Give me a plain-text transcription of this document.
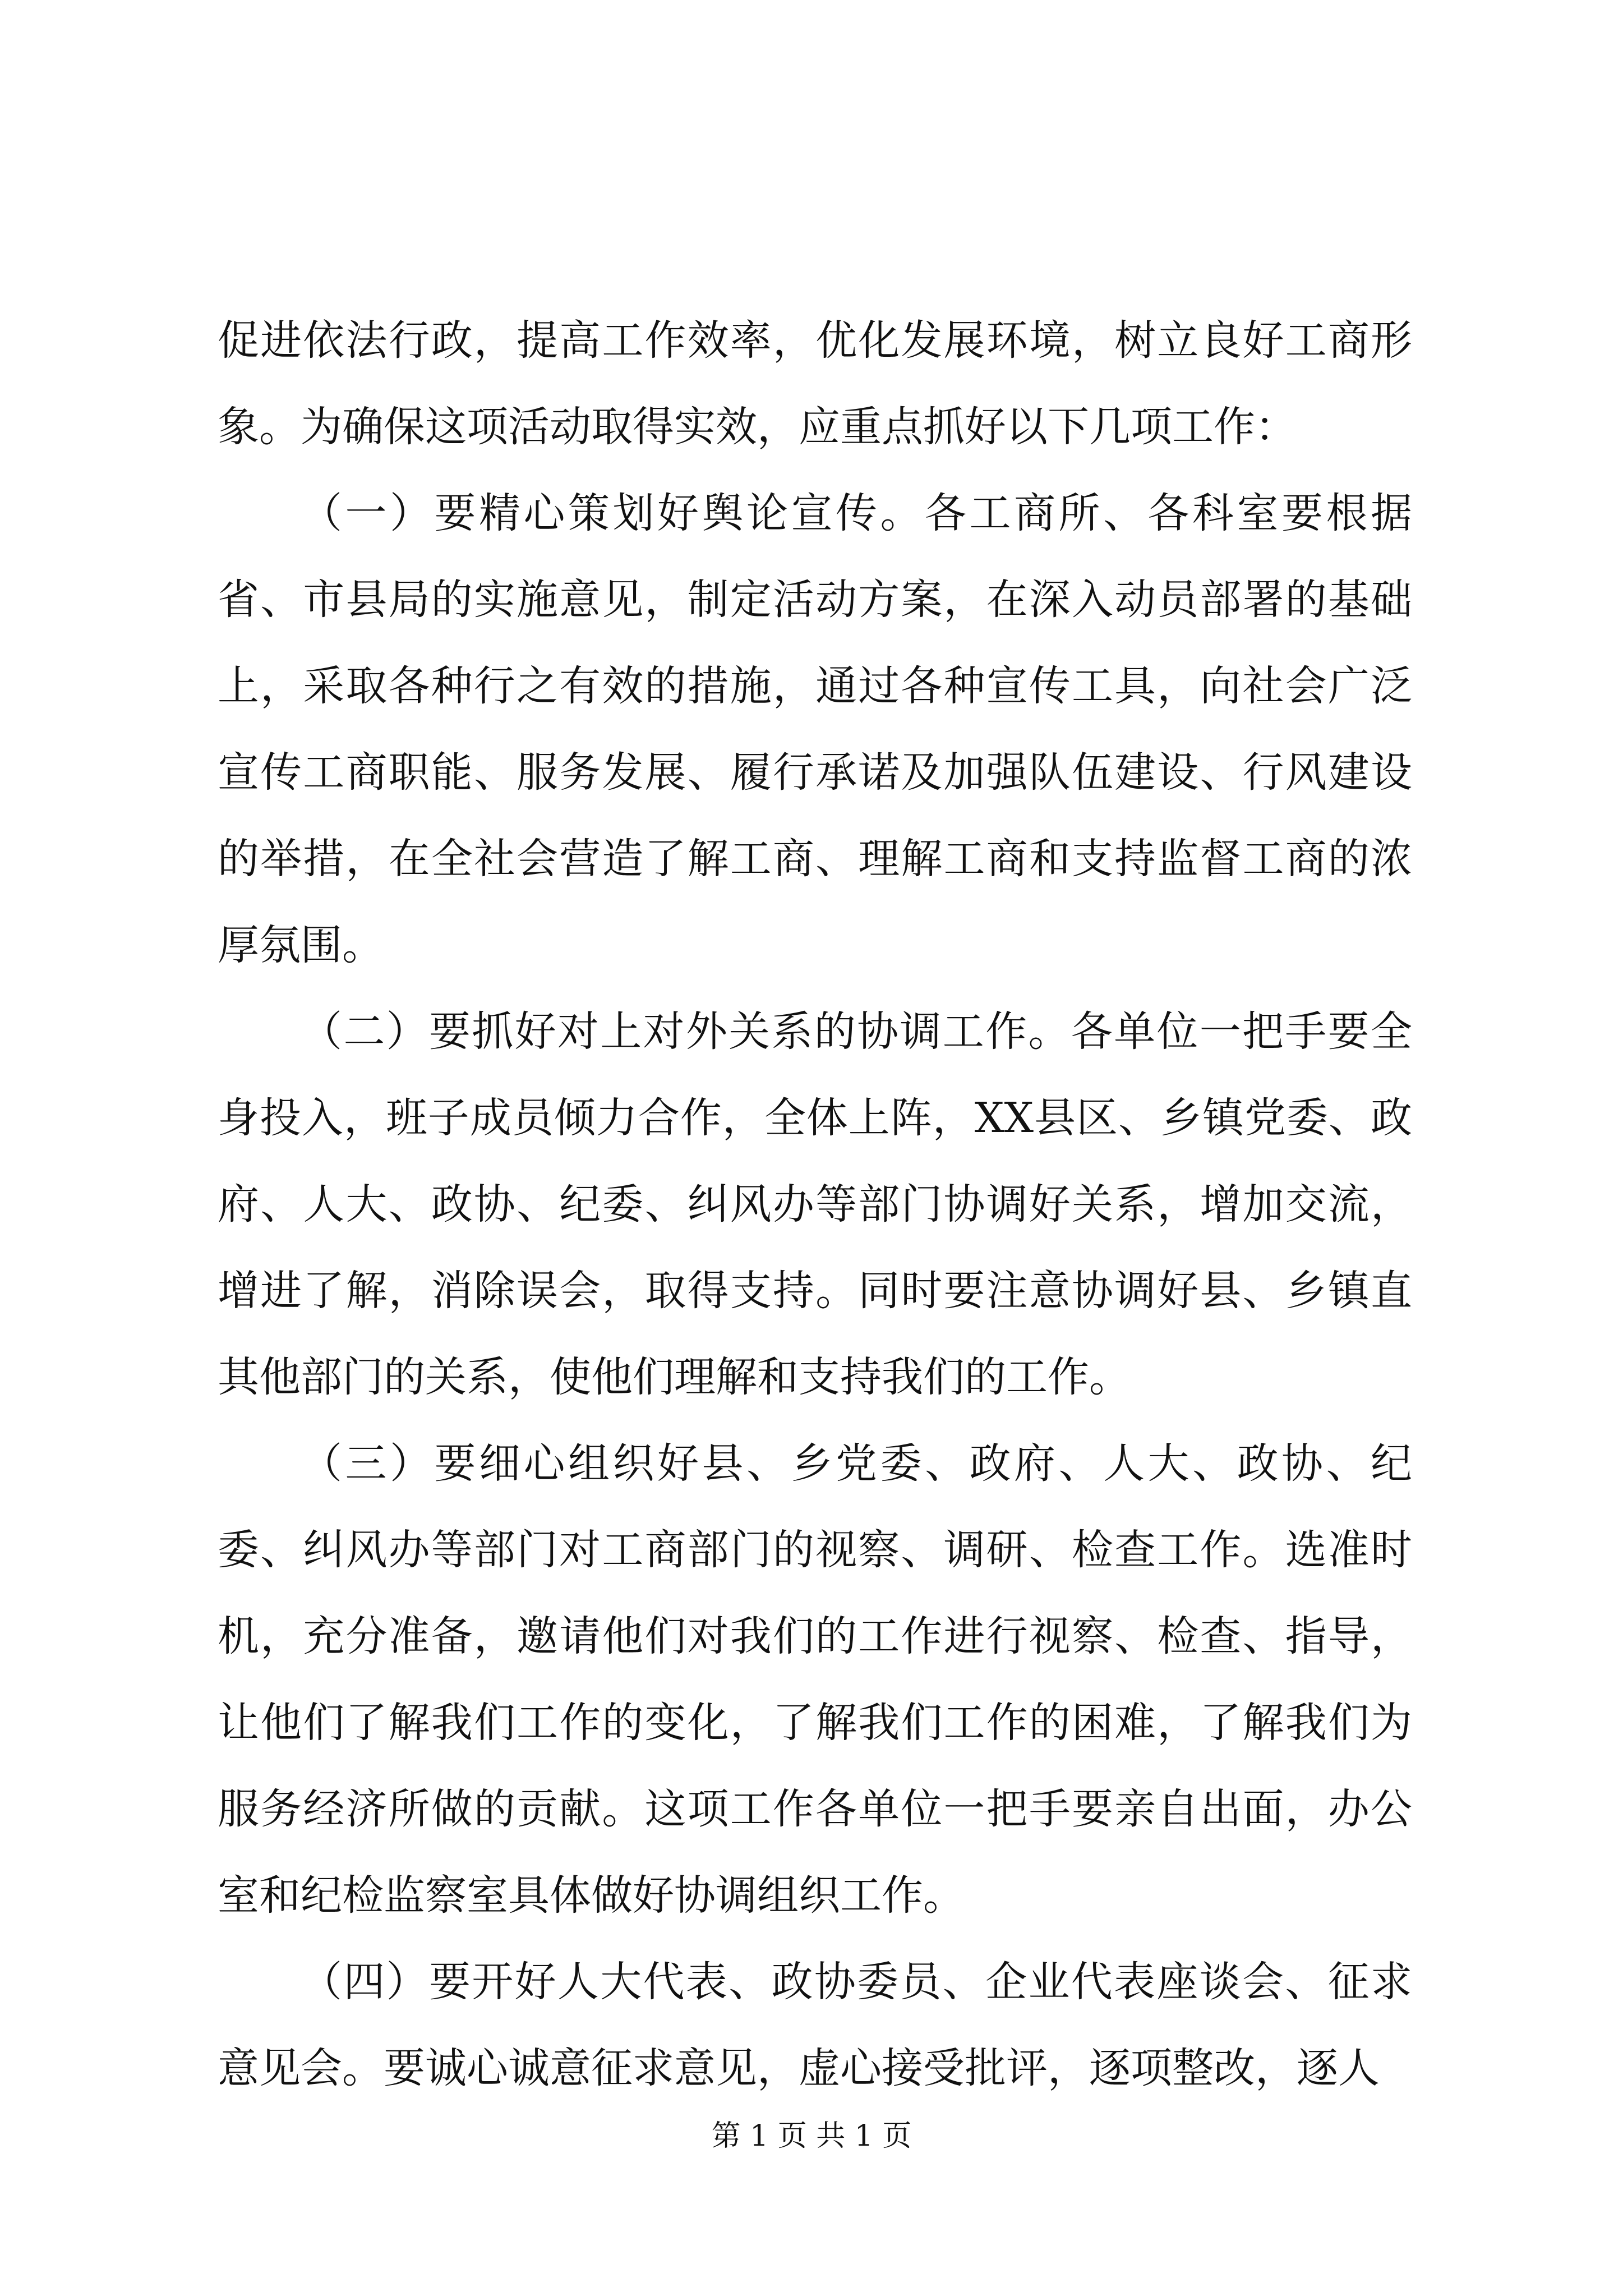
促进依法行政，提高工作效率，优化发展环境，树立良好工商形象。为确保这项活动取得实效，应重点抓好以下几项工作：

（一）要精心策划好舆论宣传。各工商所、各科室要根据省、市县局的实施意见，制定活动方案，在深入动员部署的基础上，采取各种行之有效的措施，通过各种宣传工具，向社会广泛宣传工商职能、服务发展、履行承诺及加强队伍建设、行风建设的举措，在全社会营造了解工商、理解工商和支持监督工商的浓厚氛围。

（二）要抓好对上对外关系的协调工作。各单位一把手要全身投入，班子成员倾力合作，全体上阵，XX县区、乡镇党委、政府、人大、政协、纪委、纠风办等部门协调好关系，增加交流，增进了解，消除误会，取得支持。同时要注意协调好县、乡镇直其他部门的关系，使他们理解和支持我们的工作。

（三）要细心组织好县、乡党委、政府、人大、政协、纪委、纠风办等部门对工商部门的视察、调研、检查工作。选准时机，充分准备，邀请他们对我们的工作进行视察、检查、指导，让他们了解我们工作的变化，了解我们工作的困难，了解我们为服务经济所做的贡献。这项工作各单位一把手要亲自出面，办公室和纪检监察室具体做好协调组织工作。

（四）要开好人大代表、政协委员、企业代表座谈会、征求意见会。要诚心诚意征求意见，虚心接受批评，逐项整改，逐人

第 1 页 共 1 页
